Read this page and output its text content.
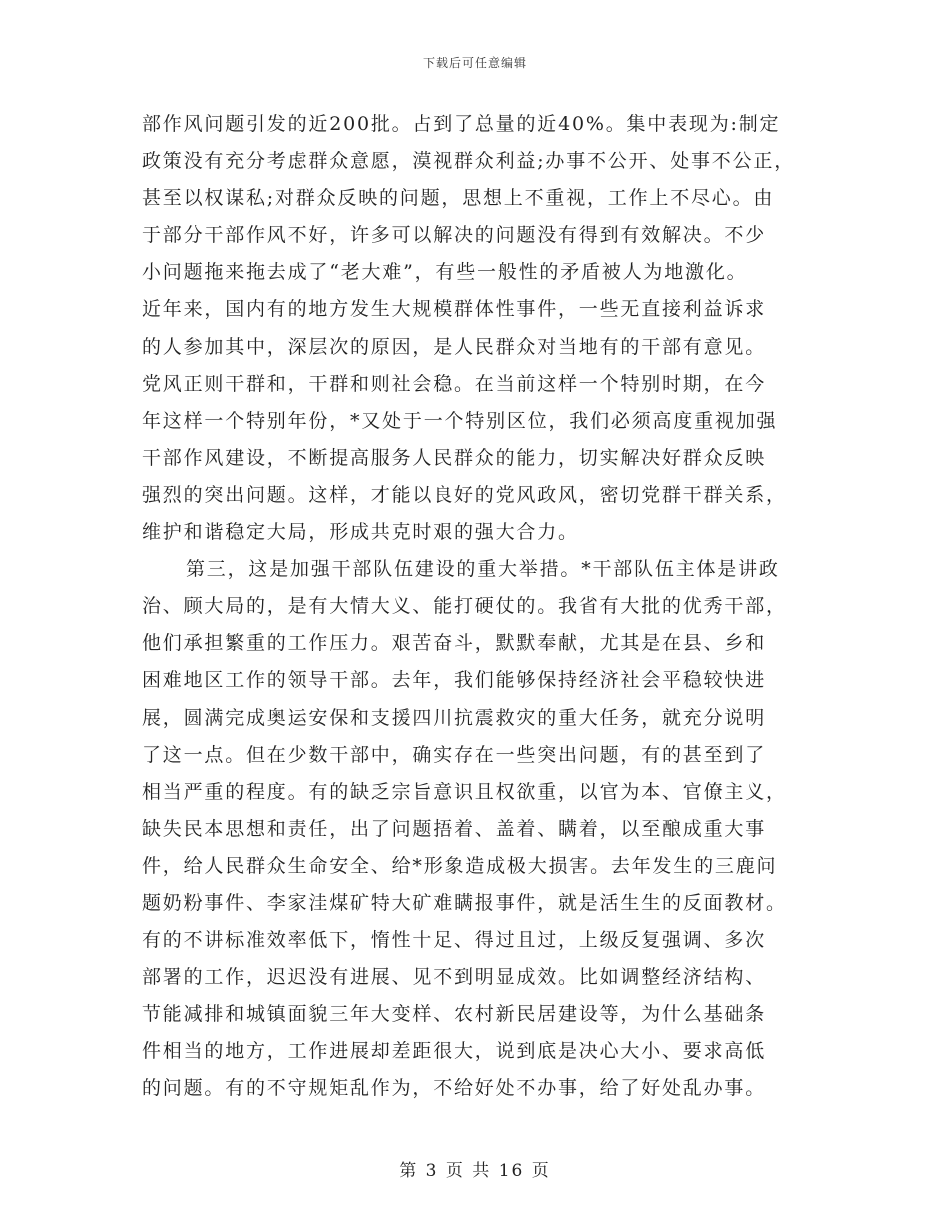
下载后可任意编辑
部作风问题引发的近200批。占到了总量的近40%。集中表现为:制定
政策没有充分考虑群众意愿，漠视群众利益;办事不公开、处事不公正，
甚至以权谋私;对群众反映的问题，思想上不重视，工作上不尽心。由
于部分干部作风不好，许多可以解决的问题没有得到有效解决。不少
小问题拖来拖去成了“老大难”，有些一般性的矛盾被人为地激化。
近年来，国内有的地方发生大规模群体性事件，一些无直接利益诉求
的人参加其中，深层次的原因，是人民群众对当地有的干部有意见。
党风正则干群和，干群和则社会稳。在当前这样一个特别时期，在今
年这样一个特别年份，*又处于一个特别区位，我们必须高度重视加强
干部作风建设，不断提高服务人民群众的能力，切实解决好群众反映
强烈的突出问题。这样，才能以良好的党风政风，密切党群干群关系，
维护和谐稳定大局，形成共克时艰的强大合力。
第三，这是加强干部队伍建设的重大举措。*干部队伍主体是讲政
治、顾大局的，是有大情大义、能打硬仗的。我省有大批的优秀干部，
他们承担繁重的工作压力。艰苦奋斗，默默奉献，尤其是在县、乡和
困难地区工作的领导干部。去年，我们能够保持经济社会平稳较快进
展，圆满完成奥运安保和支援四川抗震救灾的重大任务，就充分说明
了这一点。但在少数干部中，确实存在一些突出问题，有的甚至到了
相当严重的程度。有的缺乏宗旨意识且权欲重，以官为本、官僚主义，
缺失民本思想和责任，出了问题捂着、盖着、瞒着，以至酿成重大事
件，给人民群众生命安全、给*形象造成极大损害。去年发生的三鹿问
题奶粉事件、李家洼煤矿特大矿难瞒报事件，就是活生生的反面教材。
有的不讲标准效率低下，惰性十足、得过且过，上级反复强调、多次
部署的工作，迟迟没有进展、见不到明显成效。比如调整经济结构、
节能减排和城镇面貌三年大变样、农村新民居建设等，为什么基础条
件相当的地方，工作进展却差距很大，说到底是决心大小、要求高低
的问题。有的不守规矩乱作为，不给好处不办事，给了好处乱办事。
第 3 页 共 16 页
